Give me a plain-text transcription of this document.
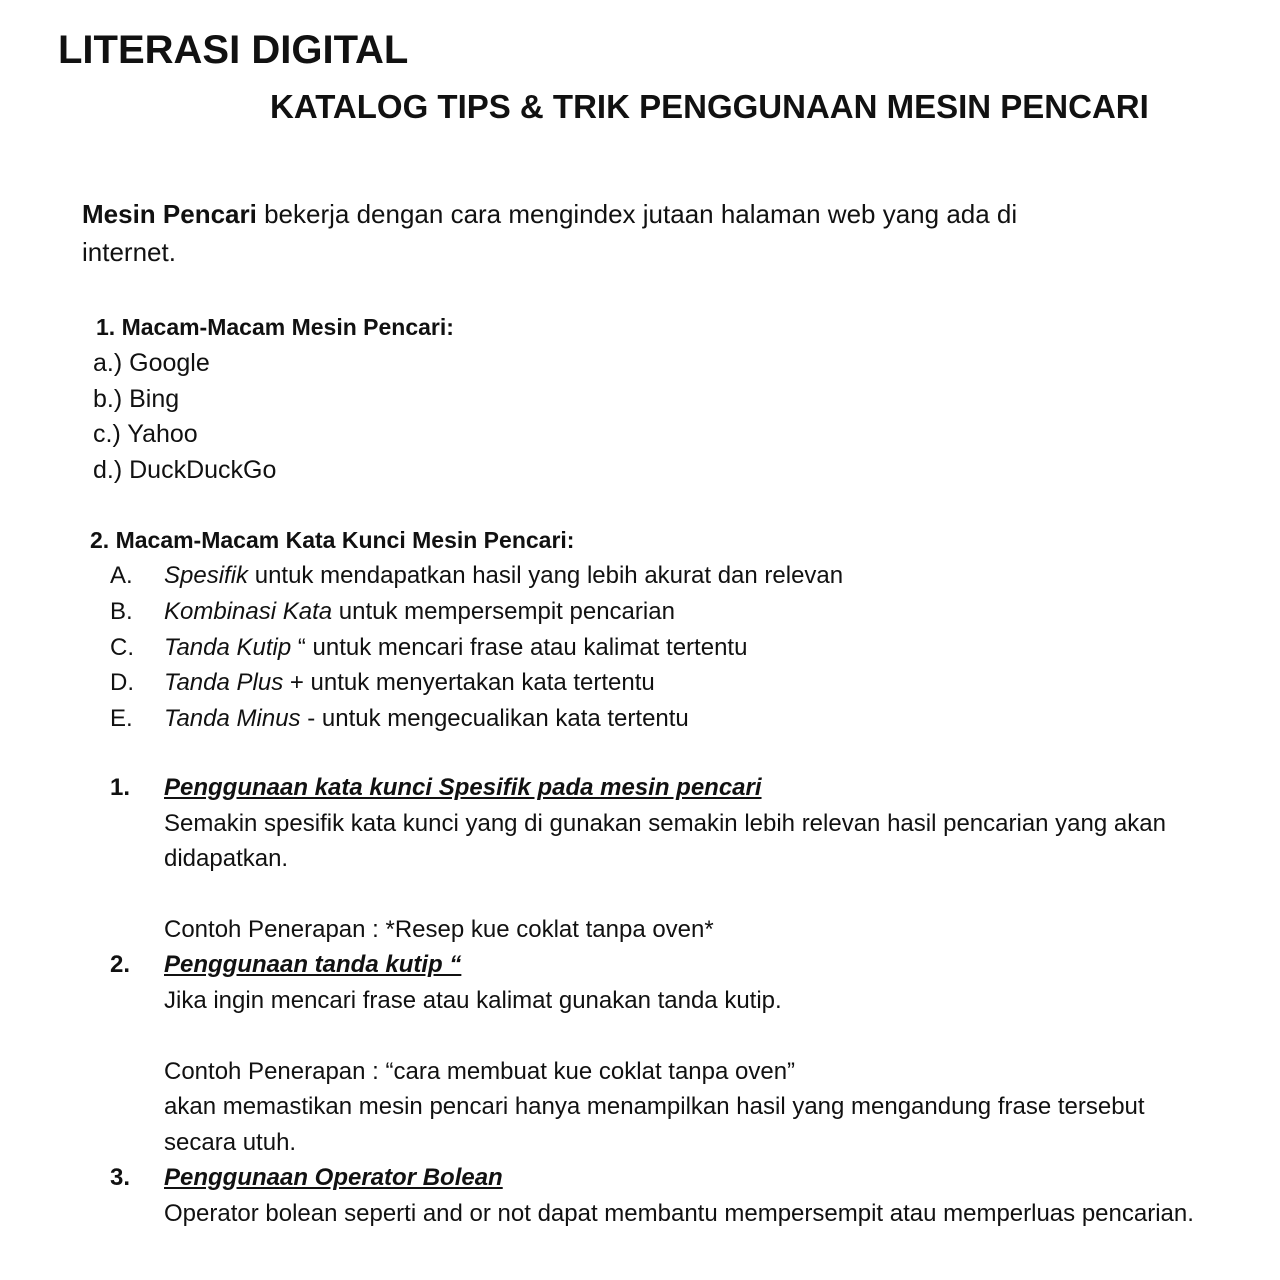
LITERASI DIGITAL
KATALOG TIPS & TRIK PENGGUNAAN MESIN PENCARI

Mesin Pencari bekerja dengan cara mengindex jutaan halaman web yang ada di internet.

1. Macam-Macam Mesin Pencari:
a.) Google
b.) Bing
c.) Yahoo
d.) DuckDuckGo
2. Macam-Macam Kata Kunci Mesin Pencari:
A. Spesifik untuk mendapatkan hasil yang lebih akurat dan relevan
B. Kombinasi Kata untuk mempersempit pencarian
C. Tanda Kutip “ untuk mencari frase atau kalimat tertentu
D. Tanda Plus + untuk menyertakan kata tertentu
E. Tanda Minus - untuk mengecualikan kata tertentu
1. Penggunaan kata kunci Spesifik pada mesin pencari

Semakin spesifik kata kunci yang di gunakan semakin lebih relevan hasil pencarian yang akan didapatkan.

Contoh Penerapan : *Resep kue coklat tanpa oven*

2. Penggunaan tanda kutip “

Jika ingin mencari frase atau kalimat gunakan tanda kutip.

Contoh Penerapan : “cara membuat kue coklat tanpa oven”

akan memastikan mesin pencari hanya menampilkan hasil yang mengandung frase tersebut secara utuh.

3. Penggunaan Operator Bolean

Operator bolean seperti and or not dapat membantu mempersempit atau memperluas pencarian.
